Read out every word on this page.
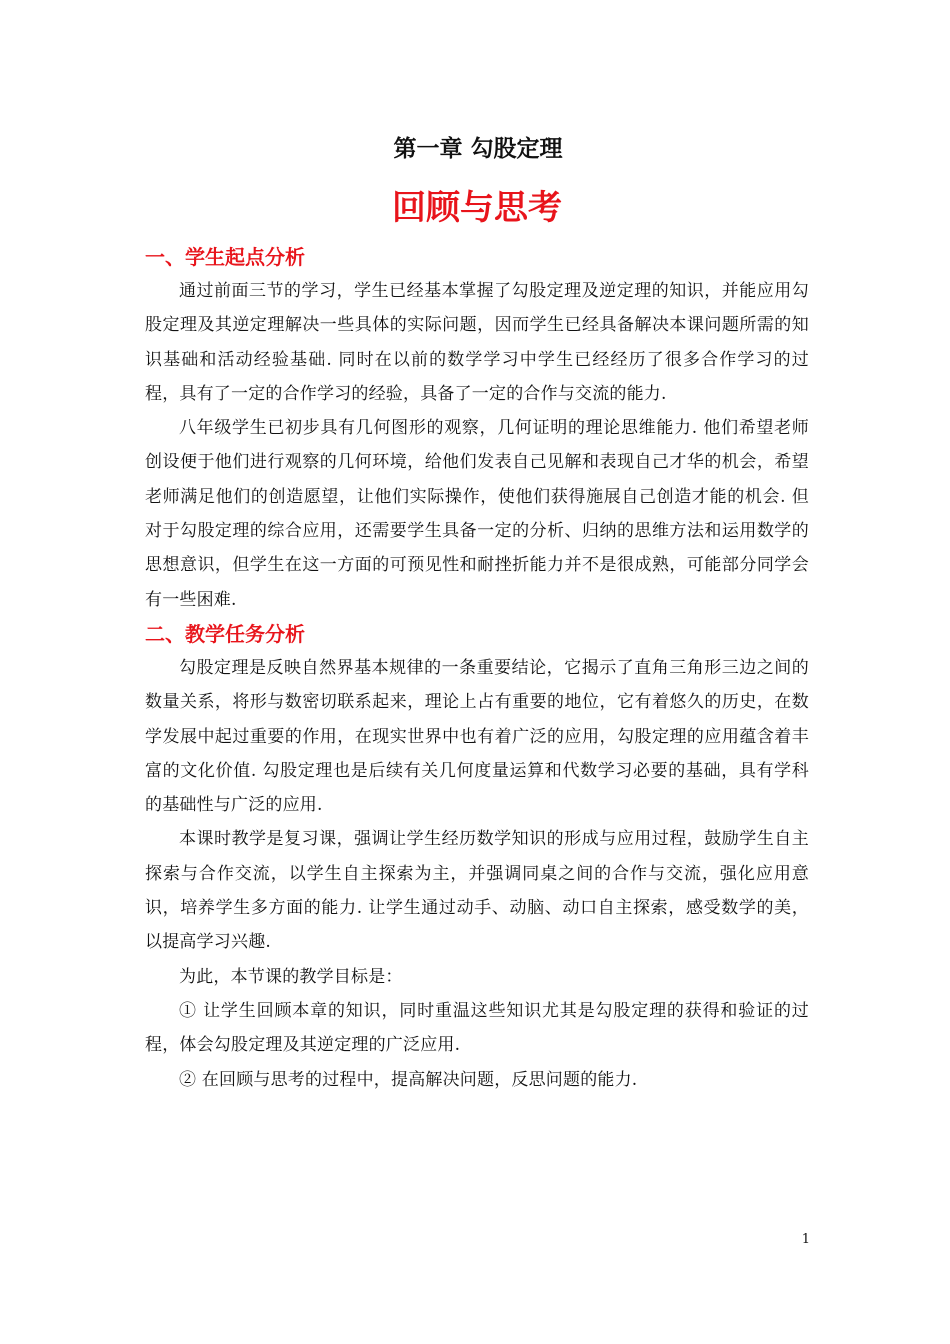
第一章 勾股定理
回顾与思考
一、学生起点分析

通过前面三节的学习，学生已经基本掌握了勾股定理及逆定理的知识，并能应用勾股定理及其逆定理解决一些具体的实际问题，因而学生已经具备解决本课问题所需的知识基础和活动经验基础. 同时在以前的数学学习中学生已经经历了很多合作学习的过程，具有了一定的合作学习的经验，具备了一定的合作与交流的能力.

八年级学生已初步具有几何图形的观察，几何证明的理论思维能力. 他们希望老师创设便于他们进行观察的几何环境，给他们发表自己见解和表现自己才华的机会，希望老师满足他们的创造愿望，让他们实际操作，使他们获得施展自己创造才能的机会. 但对于勾股定理的综合应用，还需要学生具备一定的分析、归纳的思维方法和运用数学的思想意识，但学生在这一方面的可预见性和耐挫折能力并不是很成熟，可能部分同学会有一些困难.

二、教学任务分析

勾股定理是反映自然界基本规律的一条重要结论，它揭示了直角三角形三边之间的数量关系，将形与数密切联系起来，理论上占有重要的地位，它有着悠久的历史，在数学发展中起过重要的作用，在现实世界中也有着广泛的应用，勾股定理的应用蕴含着丰富的文化价值. 勾股定理也是后续有关几何度量运算和代数学习必要的基础，具有学科的基础性与广泛的应用.

本课时教学是复习课，强调让学生经历数学知识的形成与应用过程，鼓励学生自主探索与合作交流，以学生自主探索为主，并强调同桌之间的合作与交流，强化应用意识，培养学生多方面的能力. 让学生通过动手、动脑、动口自主探索，感受数学的美，以提高学习兴趣.

为此，本节课的教学目标是：

① 让学生回顾本章的知识，同时重温这些知识尤其是勾股定理的获得和验证的过程，体会勾股定理及其逆定理的广泛应用.

② 在回顾与思考的过程中，提高解决问题，反思问题的能力.

1
